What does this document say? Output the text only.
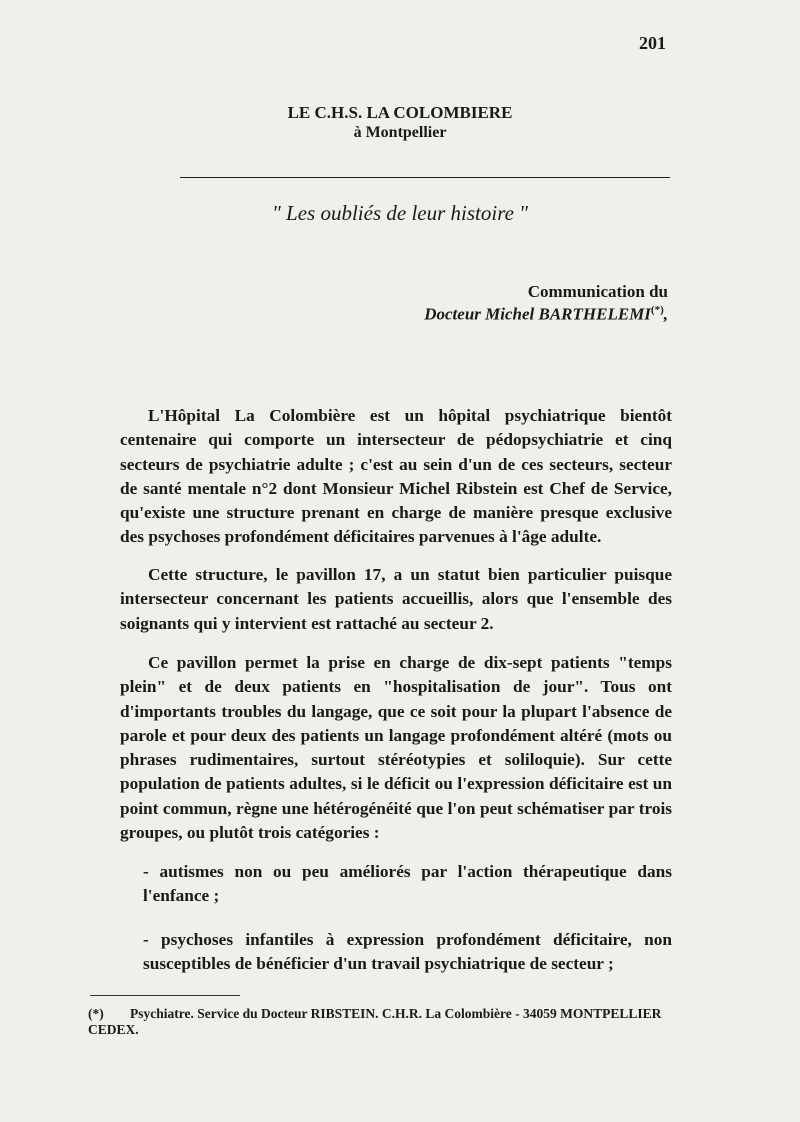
201
LE C.H.S. LA COLOMBIERE
à Montpellier
" Les oubliés de leur histoire "
Communication du
Docteur Michel BARTHELEMI(*),

L'Hôpital La Colombière est un hôpital psychiatrique bientôt centenaire qui comporte un intersecteur de pédopsychiatrie et cinq secteurs de psychiatrie adulte ; c'est au sein d'un de ces secteurs, secteur de santé mentale n°2 dont Monsieur Michel Ribstein est Chef de Service, qu'existe une structure prenant en charge de manière presque exclusive des psychoses profondément déficitaires parvenues à l'âge adulte.

Cette structure, le pavillon 17, a un statut bien particulier puisque intersecteur concernant les patients accueillis, alors que l'ensemble des soignants qui y intervient est rattaché au secteur 2.

Ce pavillon permet la prise en charge de dix-sept patients "temps plein" et de deux patients en "hospitalisation de jour". Tous ont d'importants troubles du langage, que ce soit pour la plupart l'absence de parole et pour deux des patients un langage profondément altéré (mots ou phrases rudimentaires, surtout stéréotypies et soliloquie). Sur cette population de patients adultes, si le déficit ou l'expression déficitaire est un point commun, règne une hétérogénéité que l'on peut schématiser par trois groupes, ou plutôt trois catégories :

- autismes non ou peu améliorés par l'action thérapeutique dans l'enfance ;
- psychoses infantiles à expression profondément déficitaire, non susceptibles de bénéficier d'un travail psychiatrique de secteur ;
(*) Psychiatre. Service du Docteur RIBSTEIN. C.H.R. La Colombière - 34059 MONTPELLIER CEDEX.
